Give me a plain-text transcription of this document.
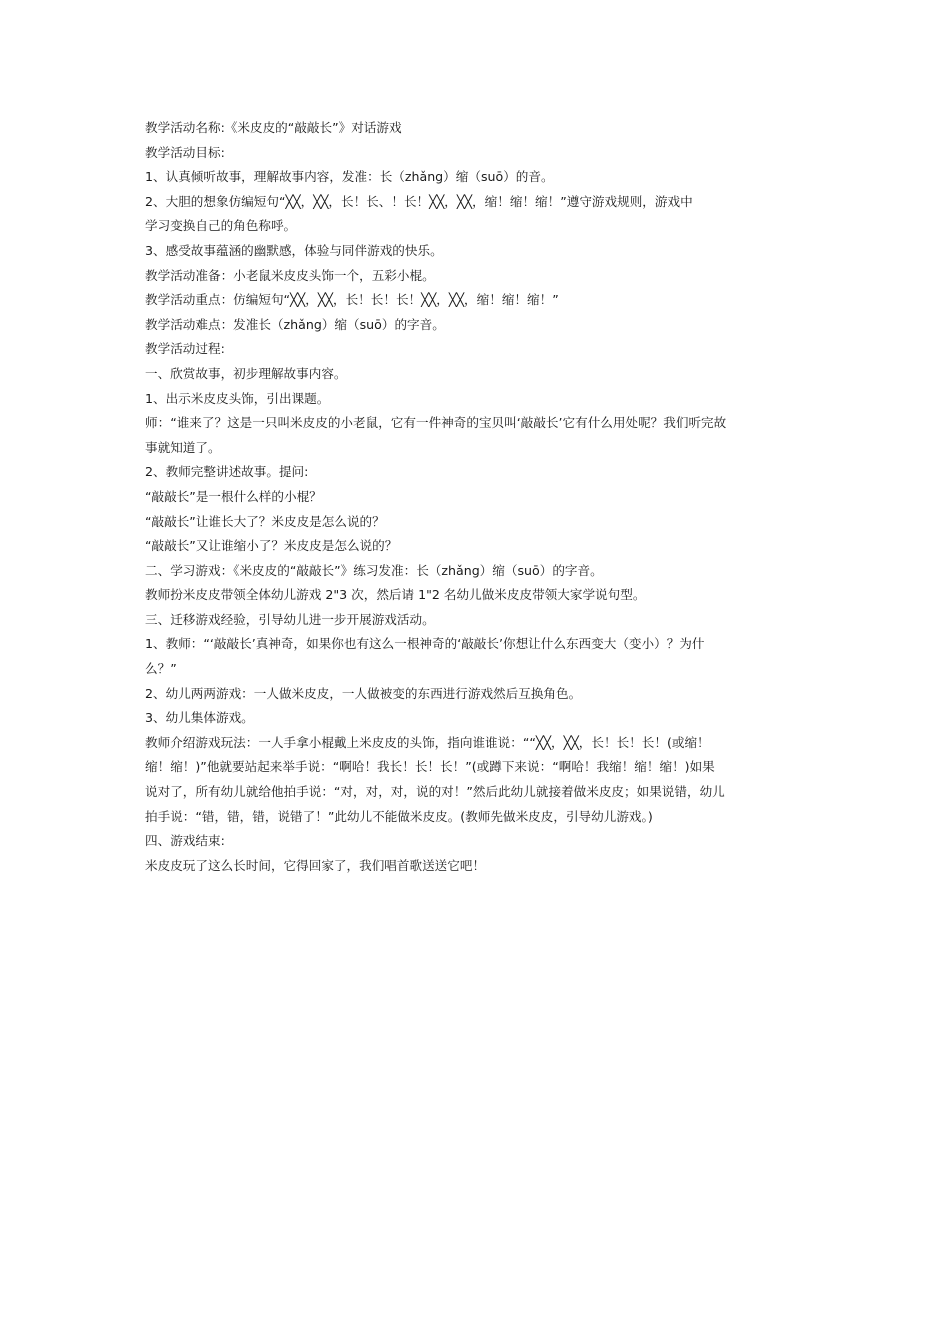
教学活动名称:《米皮皮的“敲敲长”》对话游戏

教学活动目标:

1、认真倾听故事，理解故事内容，发准：长（zhǎng）缩（suō）的音。

2、大胆的想象仿编短句“╳╳，╳╳，长！长、！长！╳╳，╳╳，缩！缩！缩！”遵守游戏规则，游戏中

学习变换自己的角色称呼。

3、感受故事蕴涵的幽默感，体验与同伴游戏的快乐。

教学活动准备：小老鼠米皮皮头饰一个，五彩小棍。

教学活动重点：仿编短句“╳╳，╳╳，长！长！长！╳╳，╳╳，缩！缩！缩！”

教学活动难点：发准长（zhǎng）缩（suō）的字音。

教学活动过程:

一、欣赏故事，初步理解故事内容。

1、出示米皮皮头饰，引出课题。

师：“谁来了？这是一只叫米皮皮的小老鼠，它有一件神奇的宝贝叫‘敲敲长’它有什么用处呢？我们听完故

事就知道了。

2、教师完整讲述故事。提问:

“敲敲长”是一根什么样的小棍？

“敲敲长”让谁长大了？米皮皮是怎么说的？

“敲敲长”又让谁缩小了？米皮皮是怎么说的？

二、学习游戏：《米皮皮的“敲敲长”》练习发准：长（zhǎng）缩（suō）的字音。

教师扮米皮皮带领全体幼儿游戏 2"3 次，然后请 1"2 名幼儿做米皮皮带领大家学说句型。

三、迁移游戏经验，引导幼儿进一步开展游戏活动。

1、教师：“‘敲敲长’真神奇，如果你也有这么一根神奇的‘敲敲长’你想让什么东西变大（变小）？为什

么？”

2、幼儿两两游戏：一人做米皮皮，一人做被变的东西进行游戏然后互换角色。

3、幼儿集体游戏。

教师介绍游戏玩法：一人手拿小棍戴上米皮皮的头饰，指向谁谁说：““╳╳，╳╳，长！长！长！(或缩！

缩！缩！)”他就要站起来举手说：“啊哈！我长！长！长！”(或蹲下来说：“啊哈！我缩！缩！缩！)如果

说对了，所有幼儿就给他拍手说：“对，对，对，说的对！”然后此幼儿就接着做米皮皮；如果说错，幼儿

拍手说：“错，错，错，说错了！”此幼儿不能做米皮皮。(教师先做米皮皮，引导幼儿游戏。)

四、游戏结束:

米皮皮玩了这么长时间，它得回家了，我们唱首歌送送它吧！
